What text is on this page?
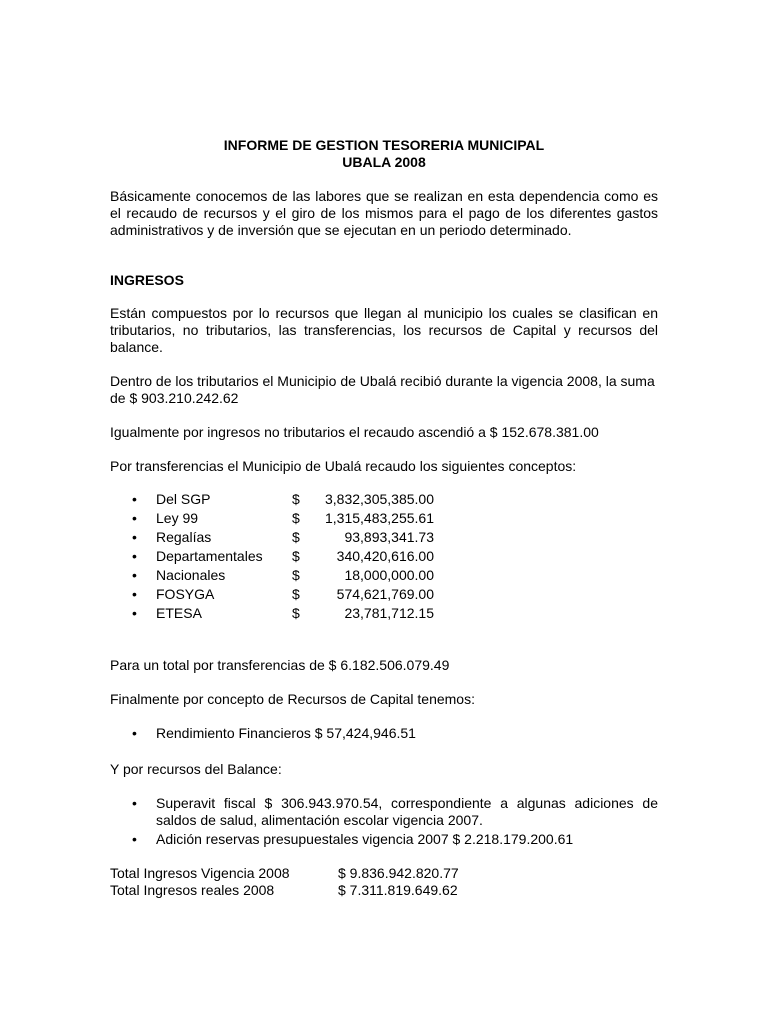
INFORME DE GESTION TESORERIA MUNICIPAL
UBALA 2008

Básicamente conocemos de las labores que se realizan en esta dependencia como es el recaudo de recursos y el giro de los mismos para el pago de los diferentes gastos administrativos y de inversión que se ejecutan en un periodo determinado.

INGRESOS

Están compuestos por lo recursos que llegan al municipio los cuales se clasifican en tributarios, no tributarios, las transferencias, los recursos de Capital y recursos del balance.

Dentro de los tributarios el Municipio de Ubalá recibió durante la vigencia 2008, la suma de $ 903.210.242.62

Igualmente por ingresos no tributarios el recaudo ascendió a $ 152.678.381.00

Por transferencias el Municipio de Ubalá recaudo los siguientes conceptos:

•	Del SGP	$ 3,832,305,385.00
•	Ley 99	$ 1,315,483,255.61
•	Regalías	$	93,893,341.73
•	Departamentales $	340,420,616.00
•	Nacionales	$	18,000,000.00
•	FOSYGA	$	574,621,769.00
•	ETESA	$	23,781,712.15

Para un total por transferencias de $ 6.182.506.079.49

Finalmente por concepto de Recursos de Capital tenemos:

•	Rendimiento Financieros $ 57,424,946.51

Y por recursos del Balance:

•	Superavit fiscal $ 306.943.970.54, correspondiente a algunas adiciones de saldos de salud, alimentación escolar vigencia 2007.
•	Adición reservas presupuestales vigencia 2007 $ 2.218.179.200.61
Total Ingresos Vigencia 2008	$ 9.836.942.820.77
Total Ingresos reales 2008	$ 7.311.819.649.62
